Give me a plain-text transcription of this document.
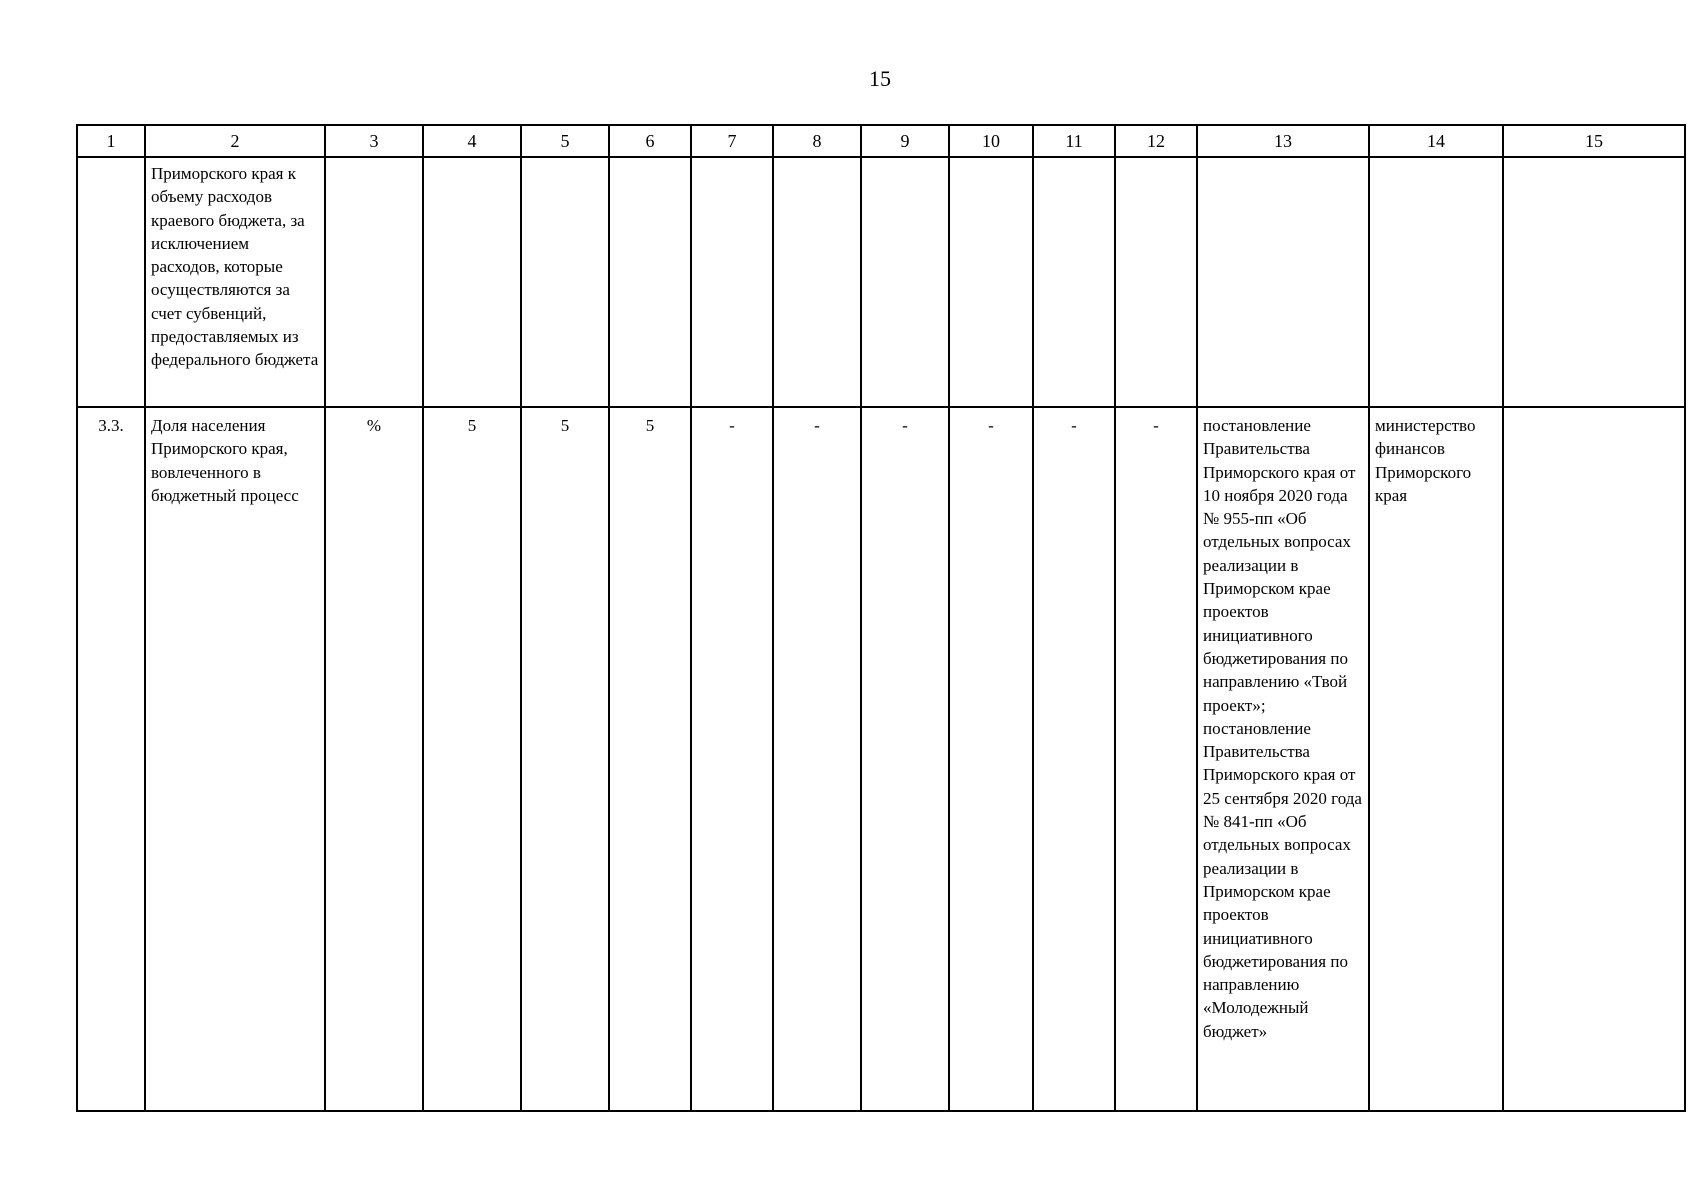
15
1	2	3	4	5	6	7	8	9	10	11	12	13	14	15
	Приморского края к объему расходов краевого бюджета, за исключением расходов, которые осуществляются за счет субвенций, предоставляемых из федерального бюджета													
3.3.	Доля населения Приморского края, вовлеченного в бюджетный процесс	%	5	5	5	-	-	-	-	-	-	постановление Правительства Приморского края от 10 ноября 2020 года № 955-пп «Об отдельных вопросах реализации в Приморском крае проектов инициативного бюджетирования по направлению «Твой проект»; постановление Правительства Приморского края от 25 сентября 2020 года № 841-пп «Об отдельных вопросах реализации в Приморском крае проектов инициативного бюджетирования по направлению «Молодежный бюджет»	министерство финансов Приморского края	
